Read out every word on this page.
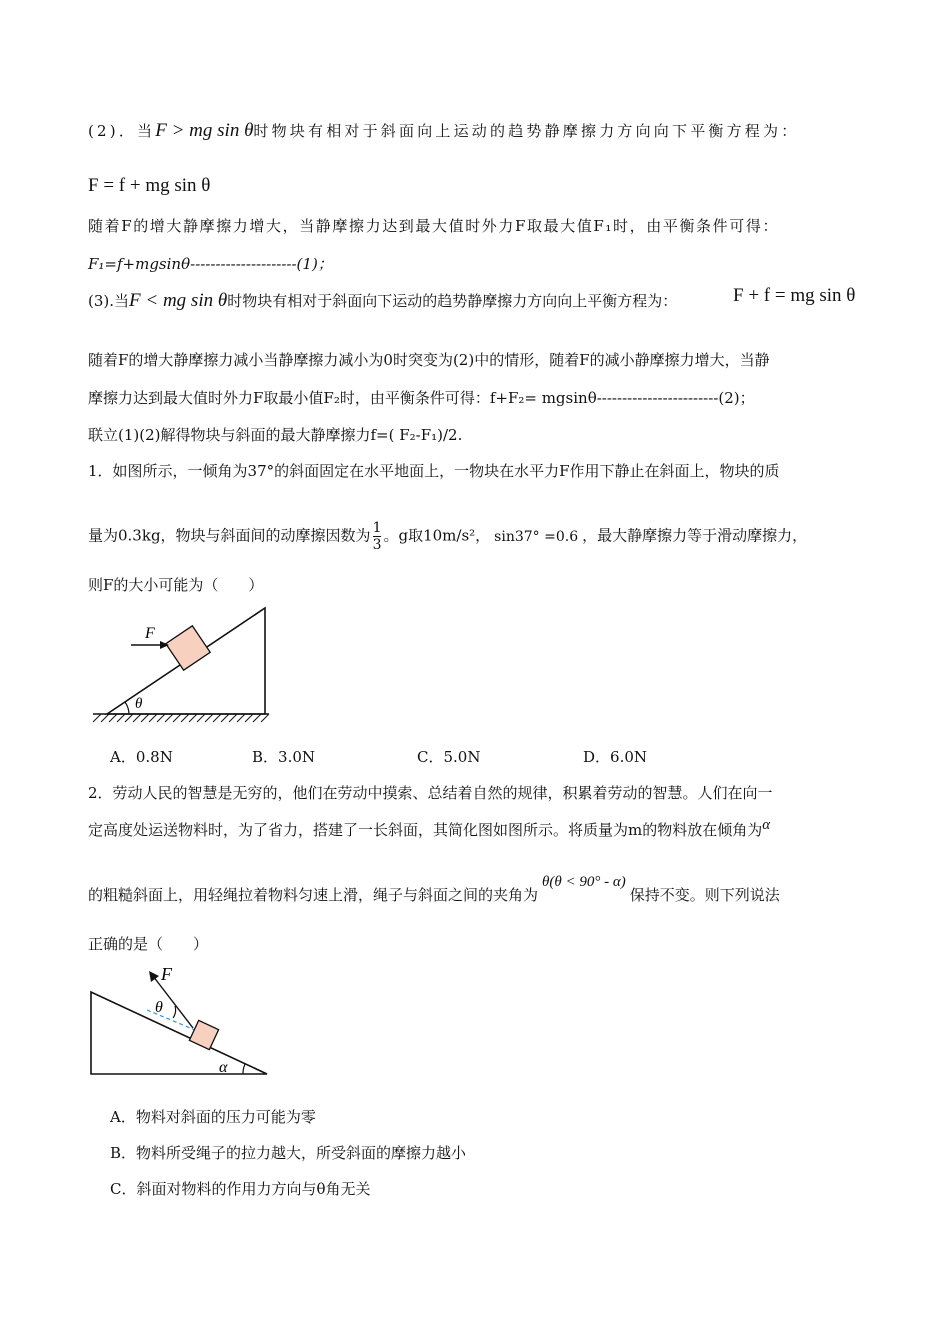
(2)．当F > mg sin θ时物块有相对于斜面向上运动的趋势静摩擦力方向向下平衡方程为：
F = f + mg sin θ
随着F的增大静摩擦力增大，当静摩擦力达到最大值时外力F取最大值F₁时，由平衡条件可得：
F₁=f+mgsinθ---------------------(1)；
(3).当F < mg sin θ时物块有相对于斜面向下运动的趋势静摩擦力方向向上平衡方程为：	F + f = mg sin θ
随着F的增大静摩擦力减小当静摩擦力减小为0时突变为(2)中的情形，随着F的减小静摩擦力增大，当静
摩擦力达到最大值时外力F取最小值F₂时，由平衡条件可得：f+F₂= mgsinθ------------------------(2)；
联立(1)(2)解得物块与斜面的最大静摩擦力f=( F₂-F₁)/2.
1．如图所示，一倾角为37°的斜面固定在水平地面上，一物块在水平力F作用下静止在斜面上，物块的质
量为0.3kg，物块与斜面间的动摩擦因数为 $\frac{1}{3}$ 。g取10m/s²， sin37° =0.6 ，最大静摩擦力等于滑动摩擦力，
则F的大小可能为（　　）
θ
F
A．0.8N	B．3.0N	C．5.0N	D．6.0N
2．劳动人民的智慧是无穷的，他们在劳动中摸索、总结着自然的规律，积累着劳动的智慧。人们在向一
定高度处运送物料时，为了省力，搭建了一长斜面，其简化图如图所示。将质量为m的物料放在倾角为α
的粗糙斜面上，用轻绳拉着物料匀速上滑，绳子与斜面之间的夹角为θ(θ < 90° - α)保持不变。则下列说法
正确的是（　　）
α
F
θ
A．物料对斜面的压力可能为零
B．物料所受绳子的拉力越大，所受斜面的摩擦力越小
C．斜面对物料的作用力方向与θ角无关
